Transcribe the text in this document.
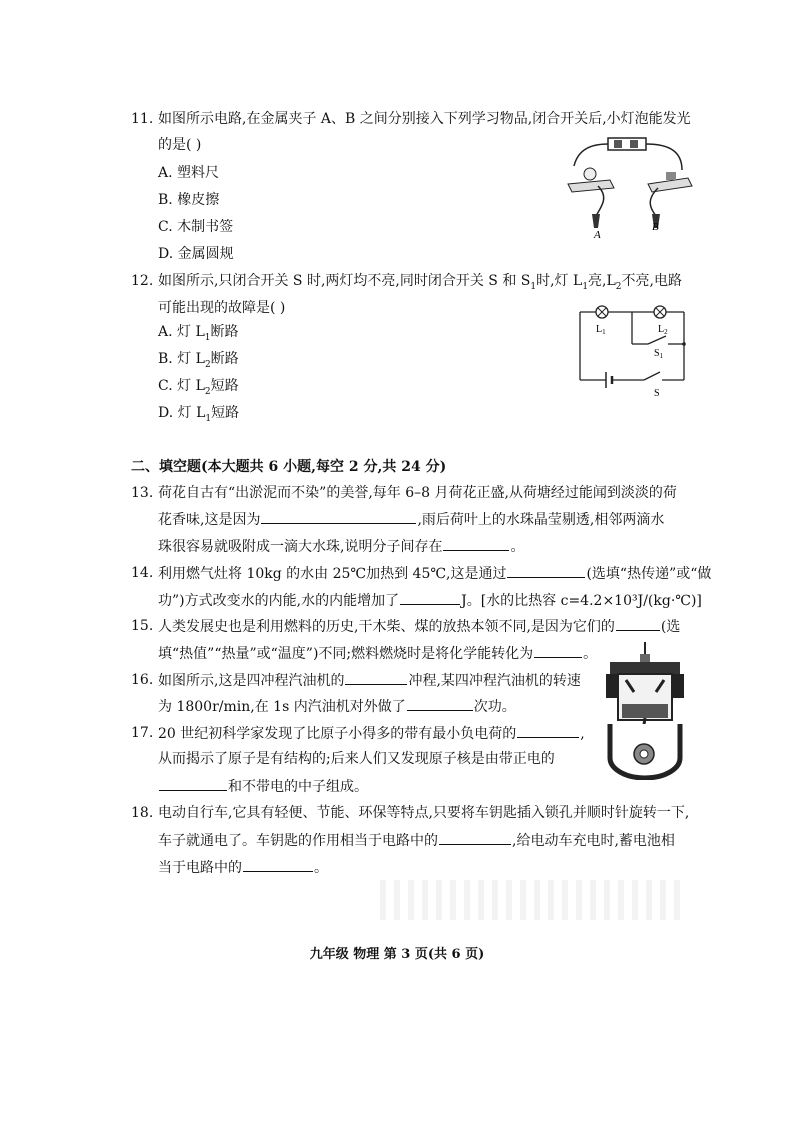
11. 如图所示电路,在金属夹子 A、B 之间分别接入下列学习物品,闭合开关后,小灯泡能发光
的是( )
A. 塑料尺
B. 橡皮擦
C. 木制书签
D. 金属圆规
A
B
12. 如图所示,只闭合开关 S 时,两灯均不亮,同时闭合开关 S 和 $S_1$时,灯 $L_1$亮$,L_2$不亮,电路
可能出现的故障是( )
A. 灯 $L_1$断路
B. 灯 $L_2$断路
C. 灯 $L_2$短路
D. 灯 $L_1$短路
$L_1$	$L_2$
$S_1$
S
二、填空题(本大题共 6 小题,每空 2 分,共 24 分)
13. 荷花自古有“出淤泥而不染”的美誉,每年 6–8 月荷花正盛,从荷塘经过能闻到淡淡的荷
花香味,这是因为	,雨后荷叶上的水珠晶莹剔透,相邻两滴水
珠很容易就吸附成一滴大水珠,说明分子间存在	。
14. 利用燃气灶将 10kg 的水由 25℃加热到 45℃,这是通过	(选填“热传递”或“做
功”)方式改变水的内能,水的内能增加了	J。[水的比热容 c=4.2×10³J/(kg·℃)]
15. 人类发展史也是利用燃料的历史,干木柴、煤的放热本领不同,是因为它们的	(选
填“热值”“热量”或“温度”)不同;燃料燃烧时是将化学能转化为	。
16. 如图所示,这是四冲程汽油机的	冲程,某四冲程汽油机的转速
为 1800r/min,在 1s 内汽油机对外做了	次功。
17. 20 世纪初科学家发现了比原子小得多的带有最小负电荷的	,
从而揭示了原子是有结构的;后来人们又发现原子核是由带正电的
和不带电的中子组成。
18. 电动自行车,它具有轻便、节能、环保等特点,只要将车钥匙插入锁孔并顺时针旋转一下,
车子就通电了。车钥匙的作用相当于电路中的	,给电动车充电时,蓄电池相
当于电路中的	。
九年级 物理 第 3 页(共 6 页)
